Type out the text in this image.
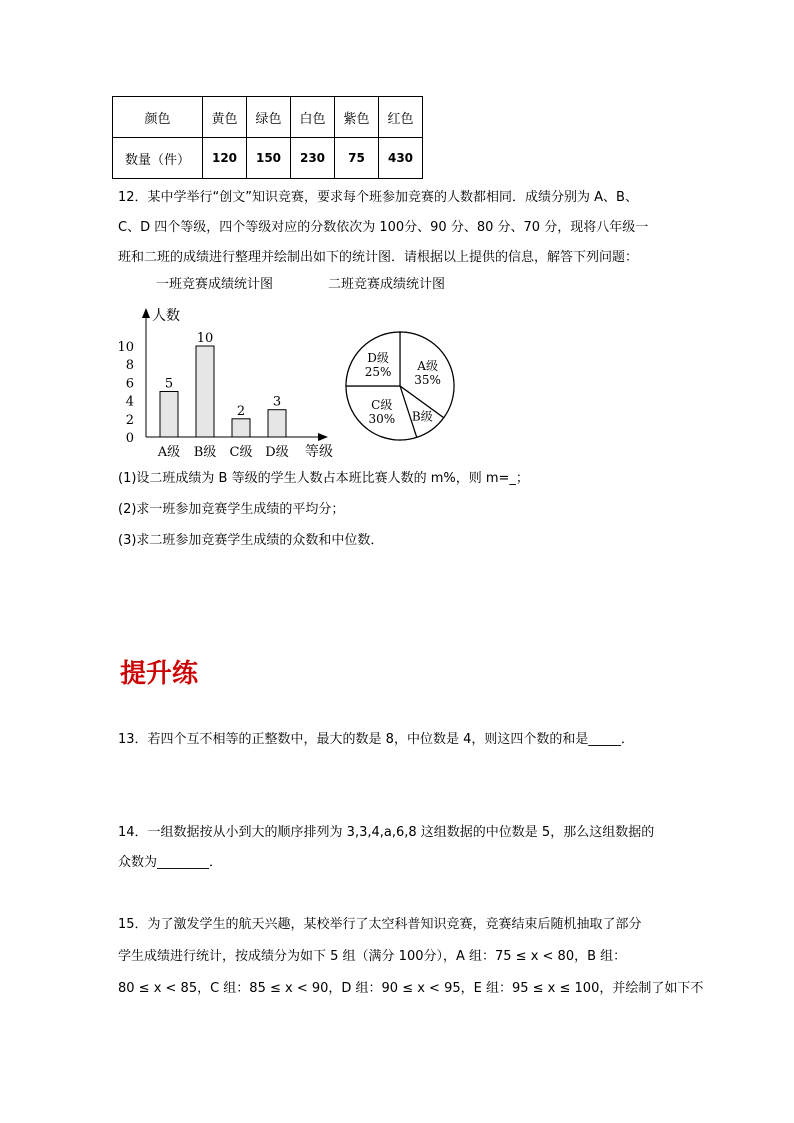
颜色	黄色	绿色	白色	紫色	红色
数量（件）	120	150	230	75	430
12．某中学举行“创文”知识竞赛，要求每个班参加竞赛的人数都相同．成绩分别为 A、B、
C、D 四个等级，四个等级对应的分数依次为 100分、90 分、80 分、70 分，现将八年级一
班和二班的成绩进行整理并绘制出如下的统计图．请根据以上提供的信息，解答下列问题：
一班竞赛成绩统计图	二班竞赛成绩统计图
人数
等级
0
2
4
6
8
10
5
A级
10
B级
2
C级
3
D级
A级
35%
B级
C级
30%
D级
25%
(1)设二班成绩为 B 等级的学生人数占本班比赛人数的 m%，则 m=_；
(2)求一班参加竞赛学生成绩的平均分；
(3)求二班参加竞赛学生成绩的众数和中位数．
提升练
13．若四个互不相等的正整数中，最大的数是 8，中位数是 4，则这四个数的和是_____．
14．一组数据按从小到大的顺序排列为 3,3,4,a,6,8 这组数据的中位数是 5，那么这组数据的
众数为________．
15．为了激发学生的航天兴趣，某校举行了太空科普知识竞赛，竞赛结束后随机抽取了部分
学生成绩进行统计，按成绩分为如下 5 组（满分 100分），A 组：75 ≤ x < 80，B 组：
80 ≤ x < 85，C 组：85 ≤ x < 90，D 组：90 ≤ x < 95，E 组：95 ≤ x ≤ 100，并绘制了如下不
